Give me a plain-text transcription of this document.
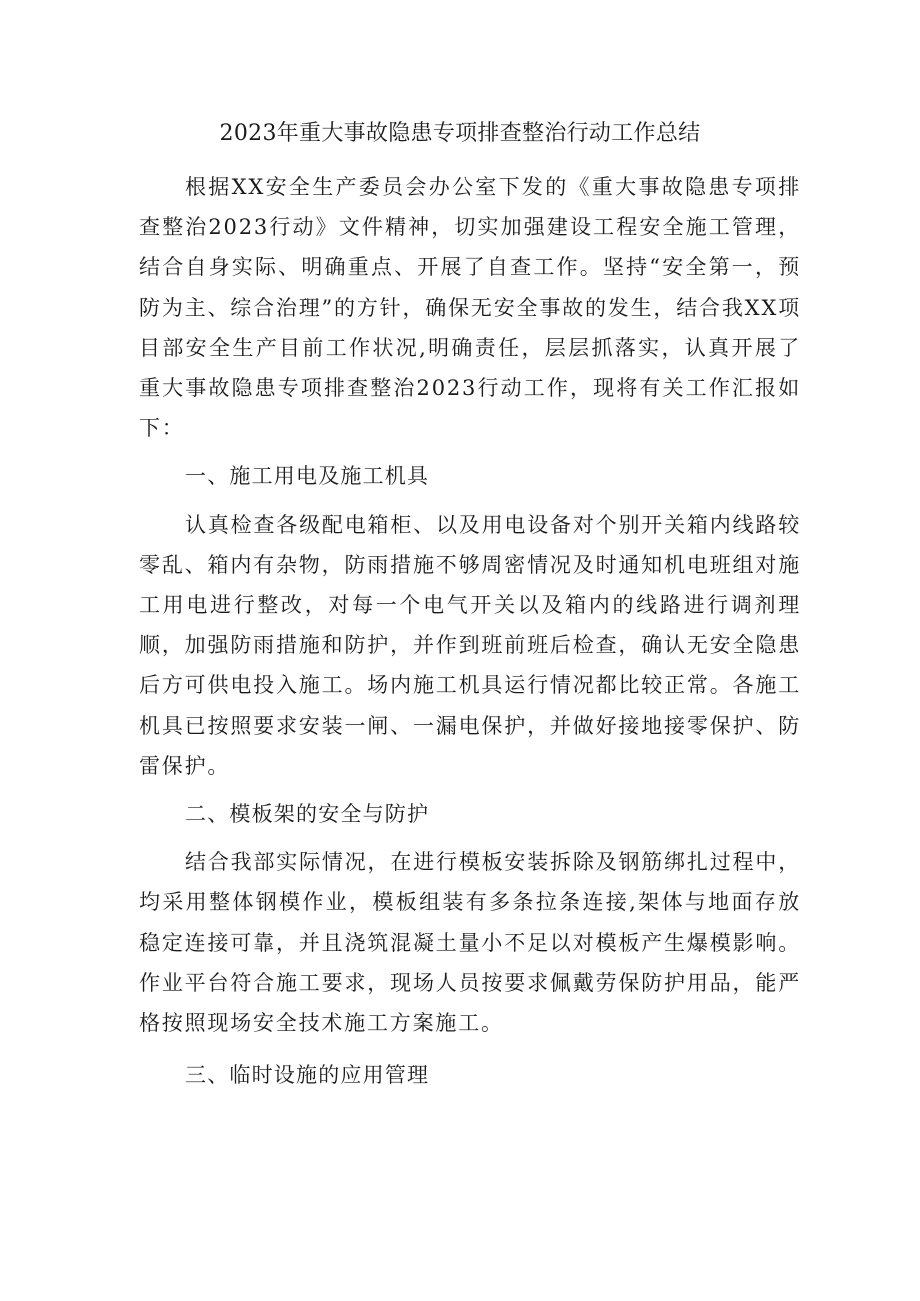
2023年重大事故隐患专项排查整治行动工作总结

根据XX安全生产委员会办公室下发的《重大事故隐患专项排查整治2023行动》文件精神，切实加强建设工程安全施工管理，结合自身实际、明确重点、开展了自查工作。坚持“安全第一，预防为主、综合治理”的方针，确保无安全事故的发生，结合我XX项目部安全生产目前工作状况,明确责任，层层抓落实，认真开展了重大事故隐患专项排查整治2023行动工作，现将有关工作汇报如下：

一、施工用电及施工机具

认真检查各级配电箱柜、以及用电设备对个别开关箱内线路较零乱、箱内有杂物，防雨措施不够周密情况及时通知机电班组对施工用电进行整改，对每一个电气开关以及箱内的线路进行调剂理顺，加强防雨措施和防护，并作到班前班后检查，确认无安全隐患后方可供电投入施工。场内施工机具运行情况都比较正常。各施工机具已按照要求安装一闸、一漏电保护，并做好接地接零保护、防雷保护。

二、模板架的安全与防护

结合我部实际情况，在进行模板安装拆除及钢筋绑扎过程中，均采用整体钢模作业，模板组装有多条拉条连接,架体与地面存放稳定连接可靠，并且浇筑混凝土量小不足以对模板产生爆模影响。作业平台符合施工要求，现场人员按要求佩戴劳保防护用品，能严格按照现场安全技术施工方案施工。

三、临时设施的应用管理
